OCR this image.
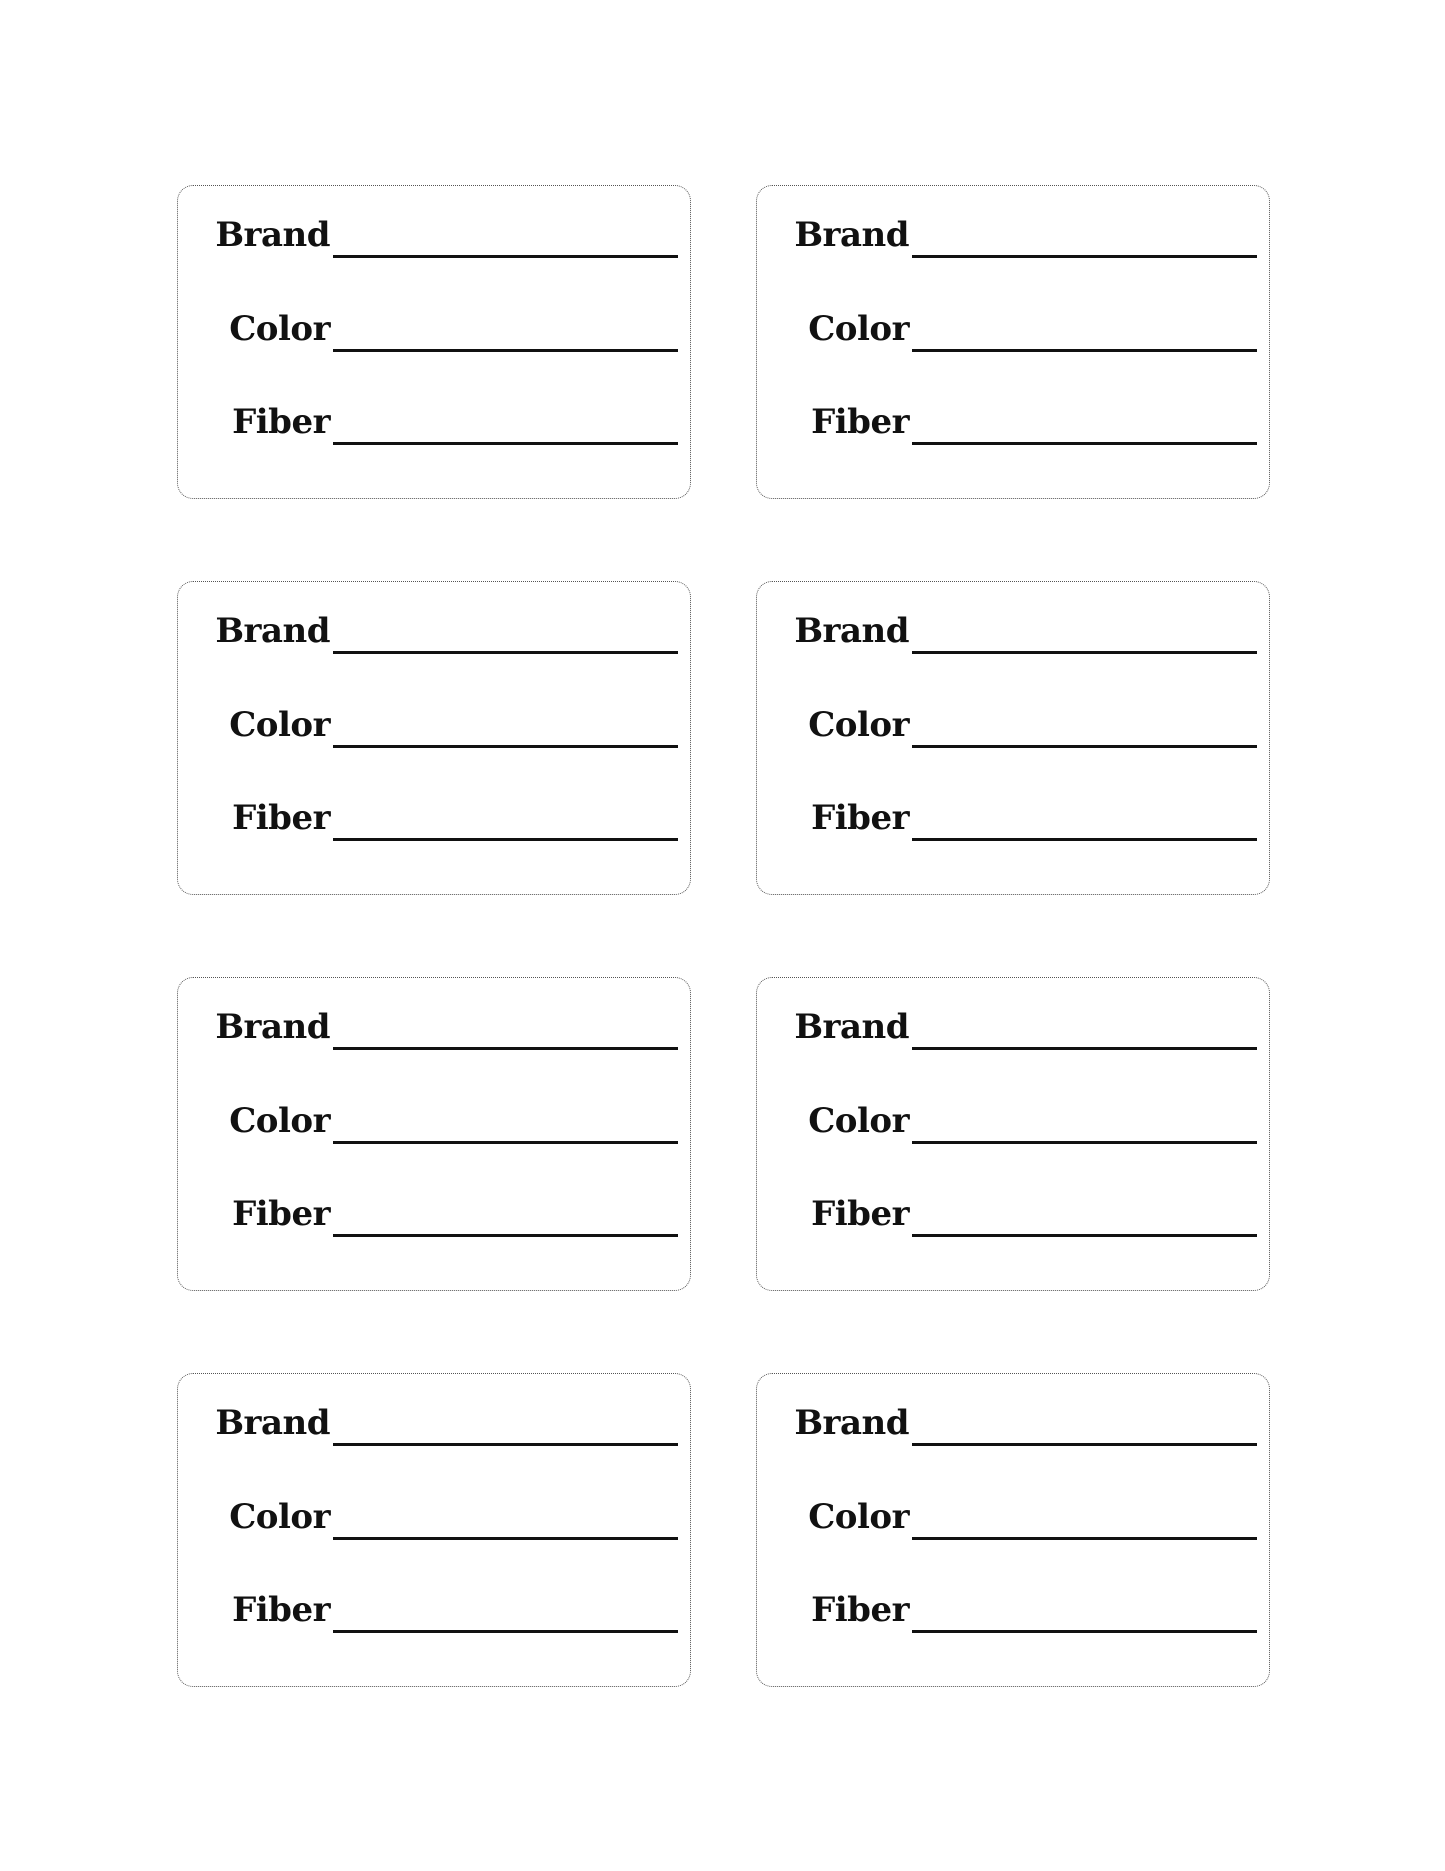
Brand
Color
Fiber
Brand
Color
Fiber
Brand
Color
Fiber
Brand
Color
Fiber
Brand
Color
Fiber
Brand
Color
Fiber
Brand
Color
Fiber
Brand
Color
Fiber
